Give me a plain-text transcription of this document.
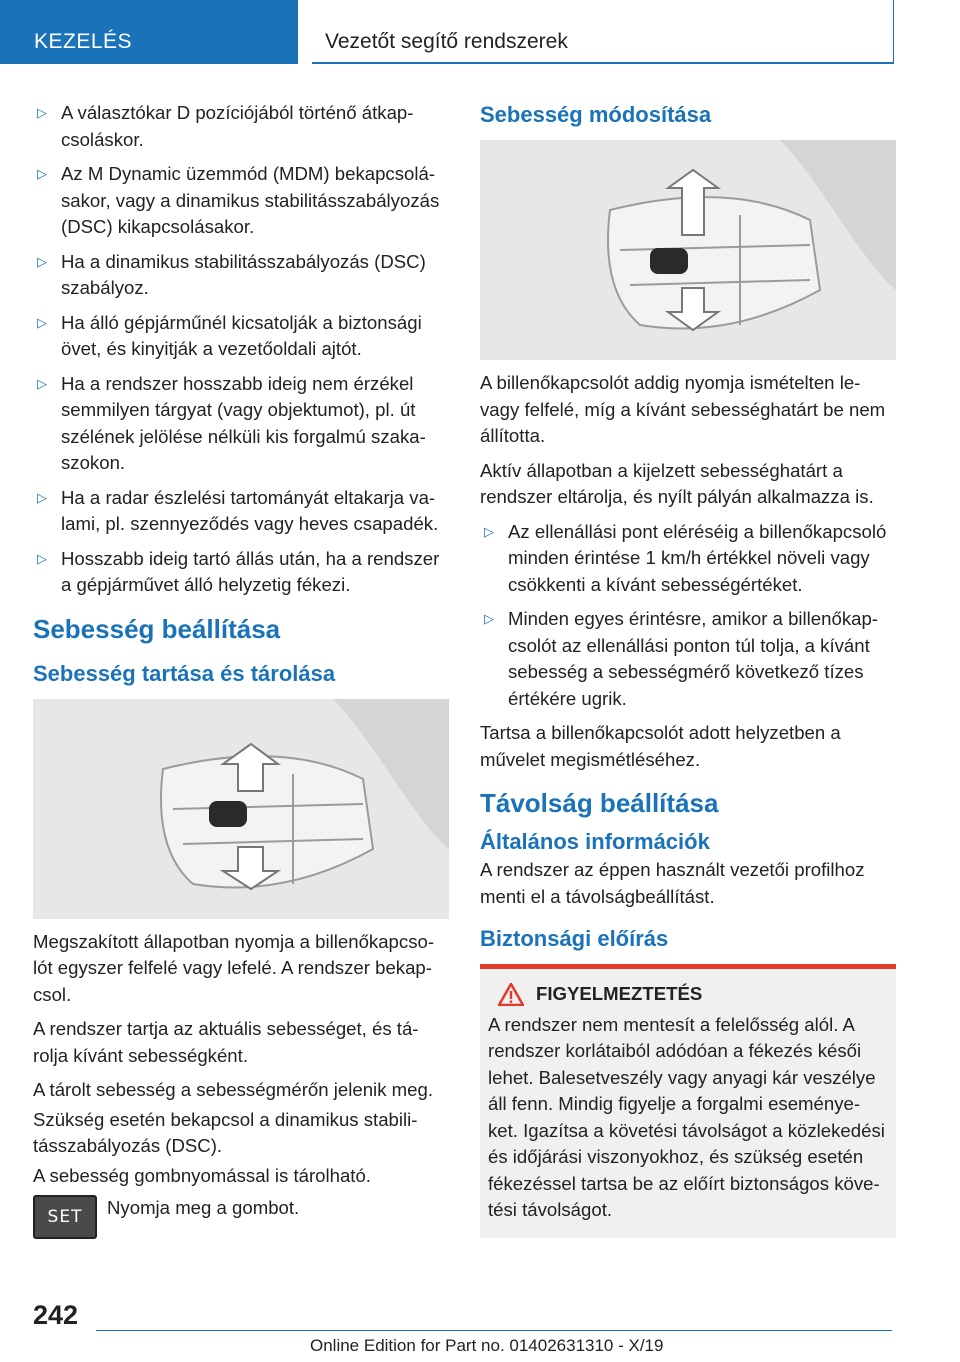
KEZELÉS	Vezetőt segítő rendszerek
▷ A választókar D pozíciójából történő átkap-csoláskor.
▷ Az M Dynamic üzemmód (MDM) bekapcsolá-sakor, vagy a dinamikus stabilitásszabályozás (DSC) kikapcsolásakor.
▷ Ha a dinamikus stabilitásszabályozás (DSC) szabályoz.
▷ Ha álló gépjárműnél kicsatolják a biztonsági övet, és kinyitják a vezetőoldali ajtót.
▷ Ha a rendszer hosszabb ideig nem érzékel semmilyen tárgyat (vagy objektumot), pl. út szélének jelölése nélküli kis forgalmú szaka-szokon.
▷ Ha a radar észlelési tartományát eltakarja va-lami, pl. szennyeződés vagy heves csapadék.
▷ Hosszabb ideig tartó állás után, ha a rendszer a gépjárművet álló helyzetig fékezi.
Sebesség beállítása
Sebesség tartása és tárolása
Megszakított állapotban nyomja a billenőkapcso-lót egyszer felfelé vagy lefelé. A rendszer bekap-csol.
A rendszer tartja az aktuális sebességet, és tá-rolja kívánt sebességként.
A tárolt sebesség a sebességmérőn jelenik meg.
Szükség esetén bekapcsol a dinamikus stabili-tásszabályozás (DSC).
A sebesség gombnyomással is tárolható.
SET	Nyomja meg a gombot.
Sebesség módosítása
A billenőkapcsolót addig nyomja ismételten le- vagy felfelé, míg a kívánt sebességhatárt be nem állította.
Aktív állapotban a kijelzett sebességhatárt a rendszer eltárolja, és nyílt pályán alkalmazza is.
▷ Az ellenállási pont eléréséig a billenőkapcsoló minden érintése 1 km/h értékkel növeli vagy csökkenti a kívánt sebességértéket.
▷ Minden egyes érintésre, amikor a billenőkap-csolót az ellenállási ponton túl tolja, a kívánt sebesség a sebességmérő következő tízes értékére ugrik.
Tartsa a billenőkapcsolót adott helyzetben a művelet megismétléséhez.
Távolság beállítása
Általános információk
A rendszer az éppen használt vezetői profilhoz menti el a távolságbeállítást.
Biztonsági előírás
FIGYELMEZTETÉS
A rendszer nem mentesít a felelősség alól. A rendszer korlátaiból adódóan a fékezés késői lehet. Balesetveszély vagy anyagi kár veszélye áll fenn. Mindig figyelje a forgalmi eseménye-ket. Igazítsa a követési távolságot a közlekedési és időjárási viszonyokhoz, és szükség esetén fékezéssel tartsa be az előírt biztonságos köve-tési távolságot.
242
Online Edition for Part no. 01402631310 - X/19
